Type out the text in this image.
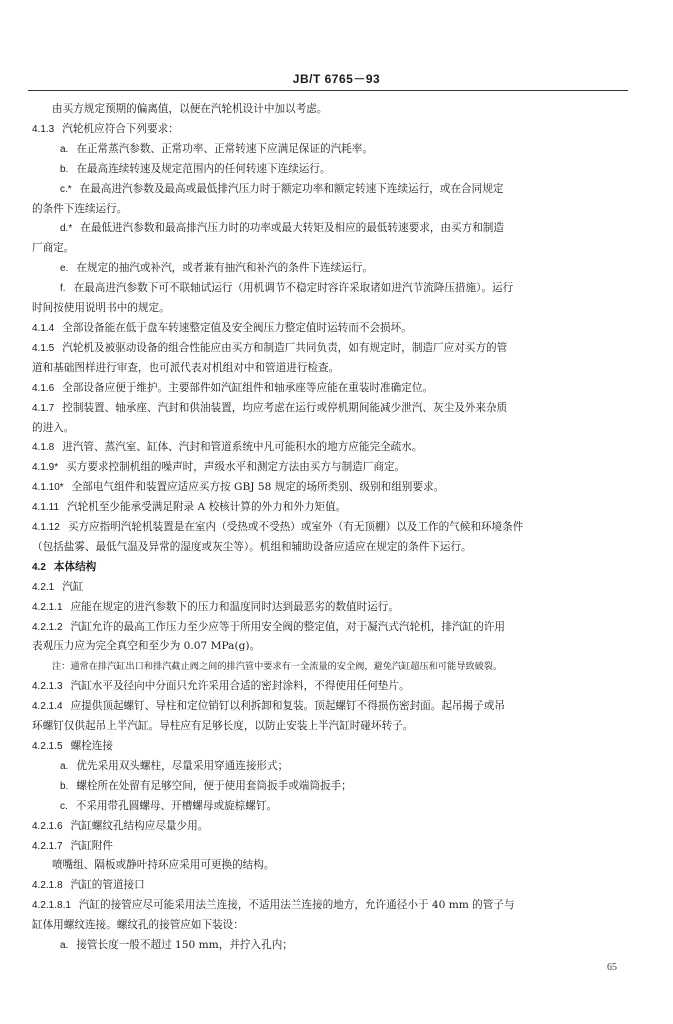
JB/T 6765－93
由买方规定预期的偏离值，以便在汽轮机设计中加以考虑。
4.1.3 汽轮机应符合下列要求：
a. 在正常蒸汽参数、正常功率、正常转速下应满足保证的汽耗率。
b. 在最高连续转速及规定范围内的任何转速下连续运行。
c.* 在最高进汽参数及最高或最低排汽压力时于额定功率和额定转速下连续运行，或在合同规定
的条件下连续运行。
d.* 在最低进汽参数和最高排汽压力时的功率或最大转矩及相应的最低转速要求，由买方和制造
厂商定。
e. 在规定的抽汽或补汽，或者兼有抽汽和补汽的条件下连续运行。
f. 在最高进汽参数下可不联轴试运行（用机调节不稳定时容许采取诸如进汽节流降压措施）。运行
时间按使用说明书中的规定。
4.1.4 全部设备能在低于盘车转速整定值及安全阀压力整定值时运转而不会损坏。
4.1.5 汽轮机及被驱动设备的组合性能应由买方和制造厂共同负责，如有规定时，制造厂应对买方的管
道和基础图样进行审查，也可派代表对机组对中和管道进行检查。
4.1.6 全部设备应便于维护。主要部件如汽缸组件和轴承座等应能在重装时准确定位。
4.1.7 控制装置、轴承座、汽封和供油装置，均应考虑在运行或停机期间能减少泄汽、灰尘及外来杂质
的进入。
4.1.8 进汽管、蒸汽室、缸体、汽封和管道系统中凡可能积水的地方应能完全疏水。
4.1.9* 买方要求控制机组的噪声时，声级水平和测定方法由买方与制造厂商定。
4.1.10* 全部电气组件和装置应适应买方按 GBJ 58 规定的场所类别、级别和组别要求。
4.1.11 汽轮机至少能承受满足附录 A 校核计算的外力和外力矩值。
4.1.12 买方应指明汽轮机装置是在室内（受热或不受热）或室外（有无顶棚）以及工作的气候和环境条件
（包括盐雾、最低气温及异常的湿度或灰尘等）。机组和辅助设备应适应在规定的条件下运行。
4.2 本体结构
4.2.1 汽缸
4.2.1.1 应能在规定的进汽参数下的压力和温度同时达到最恶劣的数值时运行。
4.2.1.2 汽缸允许的最高工作压力至少应等于所用安全阀的整定值，对于凝汽式汽轮机，排汽缸的许用
表观压力应为完全真空和至少为 0.07 MPa(g)。
注：通常在排汽缸出口和排汽截止阀之间的排汽管中要求有一全流量的安全阀，避免汽缸超压和可能导致破裂。
4.2.1.3 汽缸水平及径向中分面只允许采用合适的密封涂料，不得使用任何垫片。
4.2.1.4 应提供顶起螺钉、导柱和定位销钉以利拆卸和复装。顶起螺钉不得损伤密封面。起吊揭子或吊
环螺钉仅供起吊上半汽缸。导柱应有足够长度，以防止安装上半汽缸时碰坏转子。
4.2.1.5 螺栓连接
a. 优先采用双头螺柱，尽量采用穿通连接形式；
b. 螺栓所在处留有足够空间，便于使用套筒扳手或端筒扳手；
c. 不采用带孔圆螺母、开槽螺母或旋棕螺钉。
4.2.1.6 汽缸螺纹孔结构应尽量少用。
4.2.1.7 汽缸附件
喷嘴组、隔板或静叶持环应采用可更换的结构。
4.2.1.8 汽缸的管道接口
4.2.1.8.1 汽缸的接管应尽可能采用法兰连接，不适用法兰连接的地方，允许通径小于 40 mm 的管子与
缸体用螺纹连接。螺纹孔的接管应如下装设：
a. 接管长度一般不超过 150 mm，并拧入孔内；
65
